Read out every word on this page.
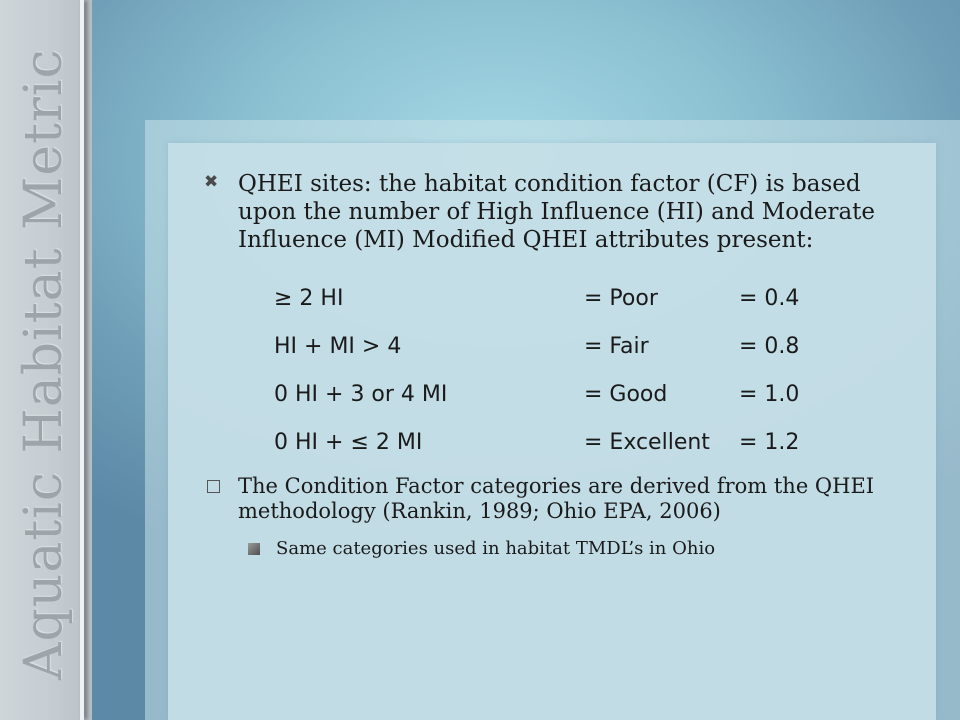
Aquatic Habitat Metric	✖ QHEI sites: the habitat condition factor (CF) is based upon the number of High Influence (HI) and Moderate Influence (MI) Modified QHEI attributes present:
≥ 2 HI	= Poor	= 0.4
HI + MI > 4	= Fair	= 0.8
0 HI + 3 or 4 MI	= Good	= 1.0
0 HI + ≤ 2 MI	= Excellent	= 1.2
The Condition Factor categories are derived from the QHEI methodology (Rankin, 1989; Ohio EPA, 2006)
Same categories used in habitat TMDL’s in Ohio
